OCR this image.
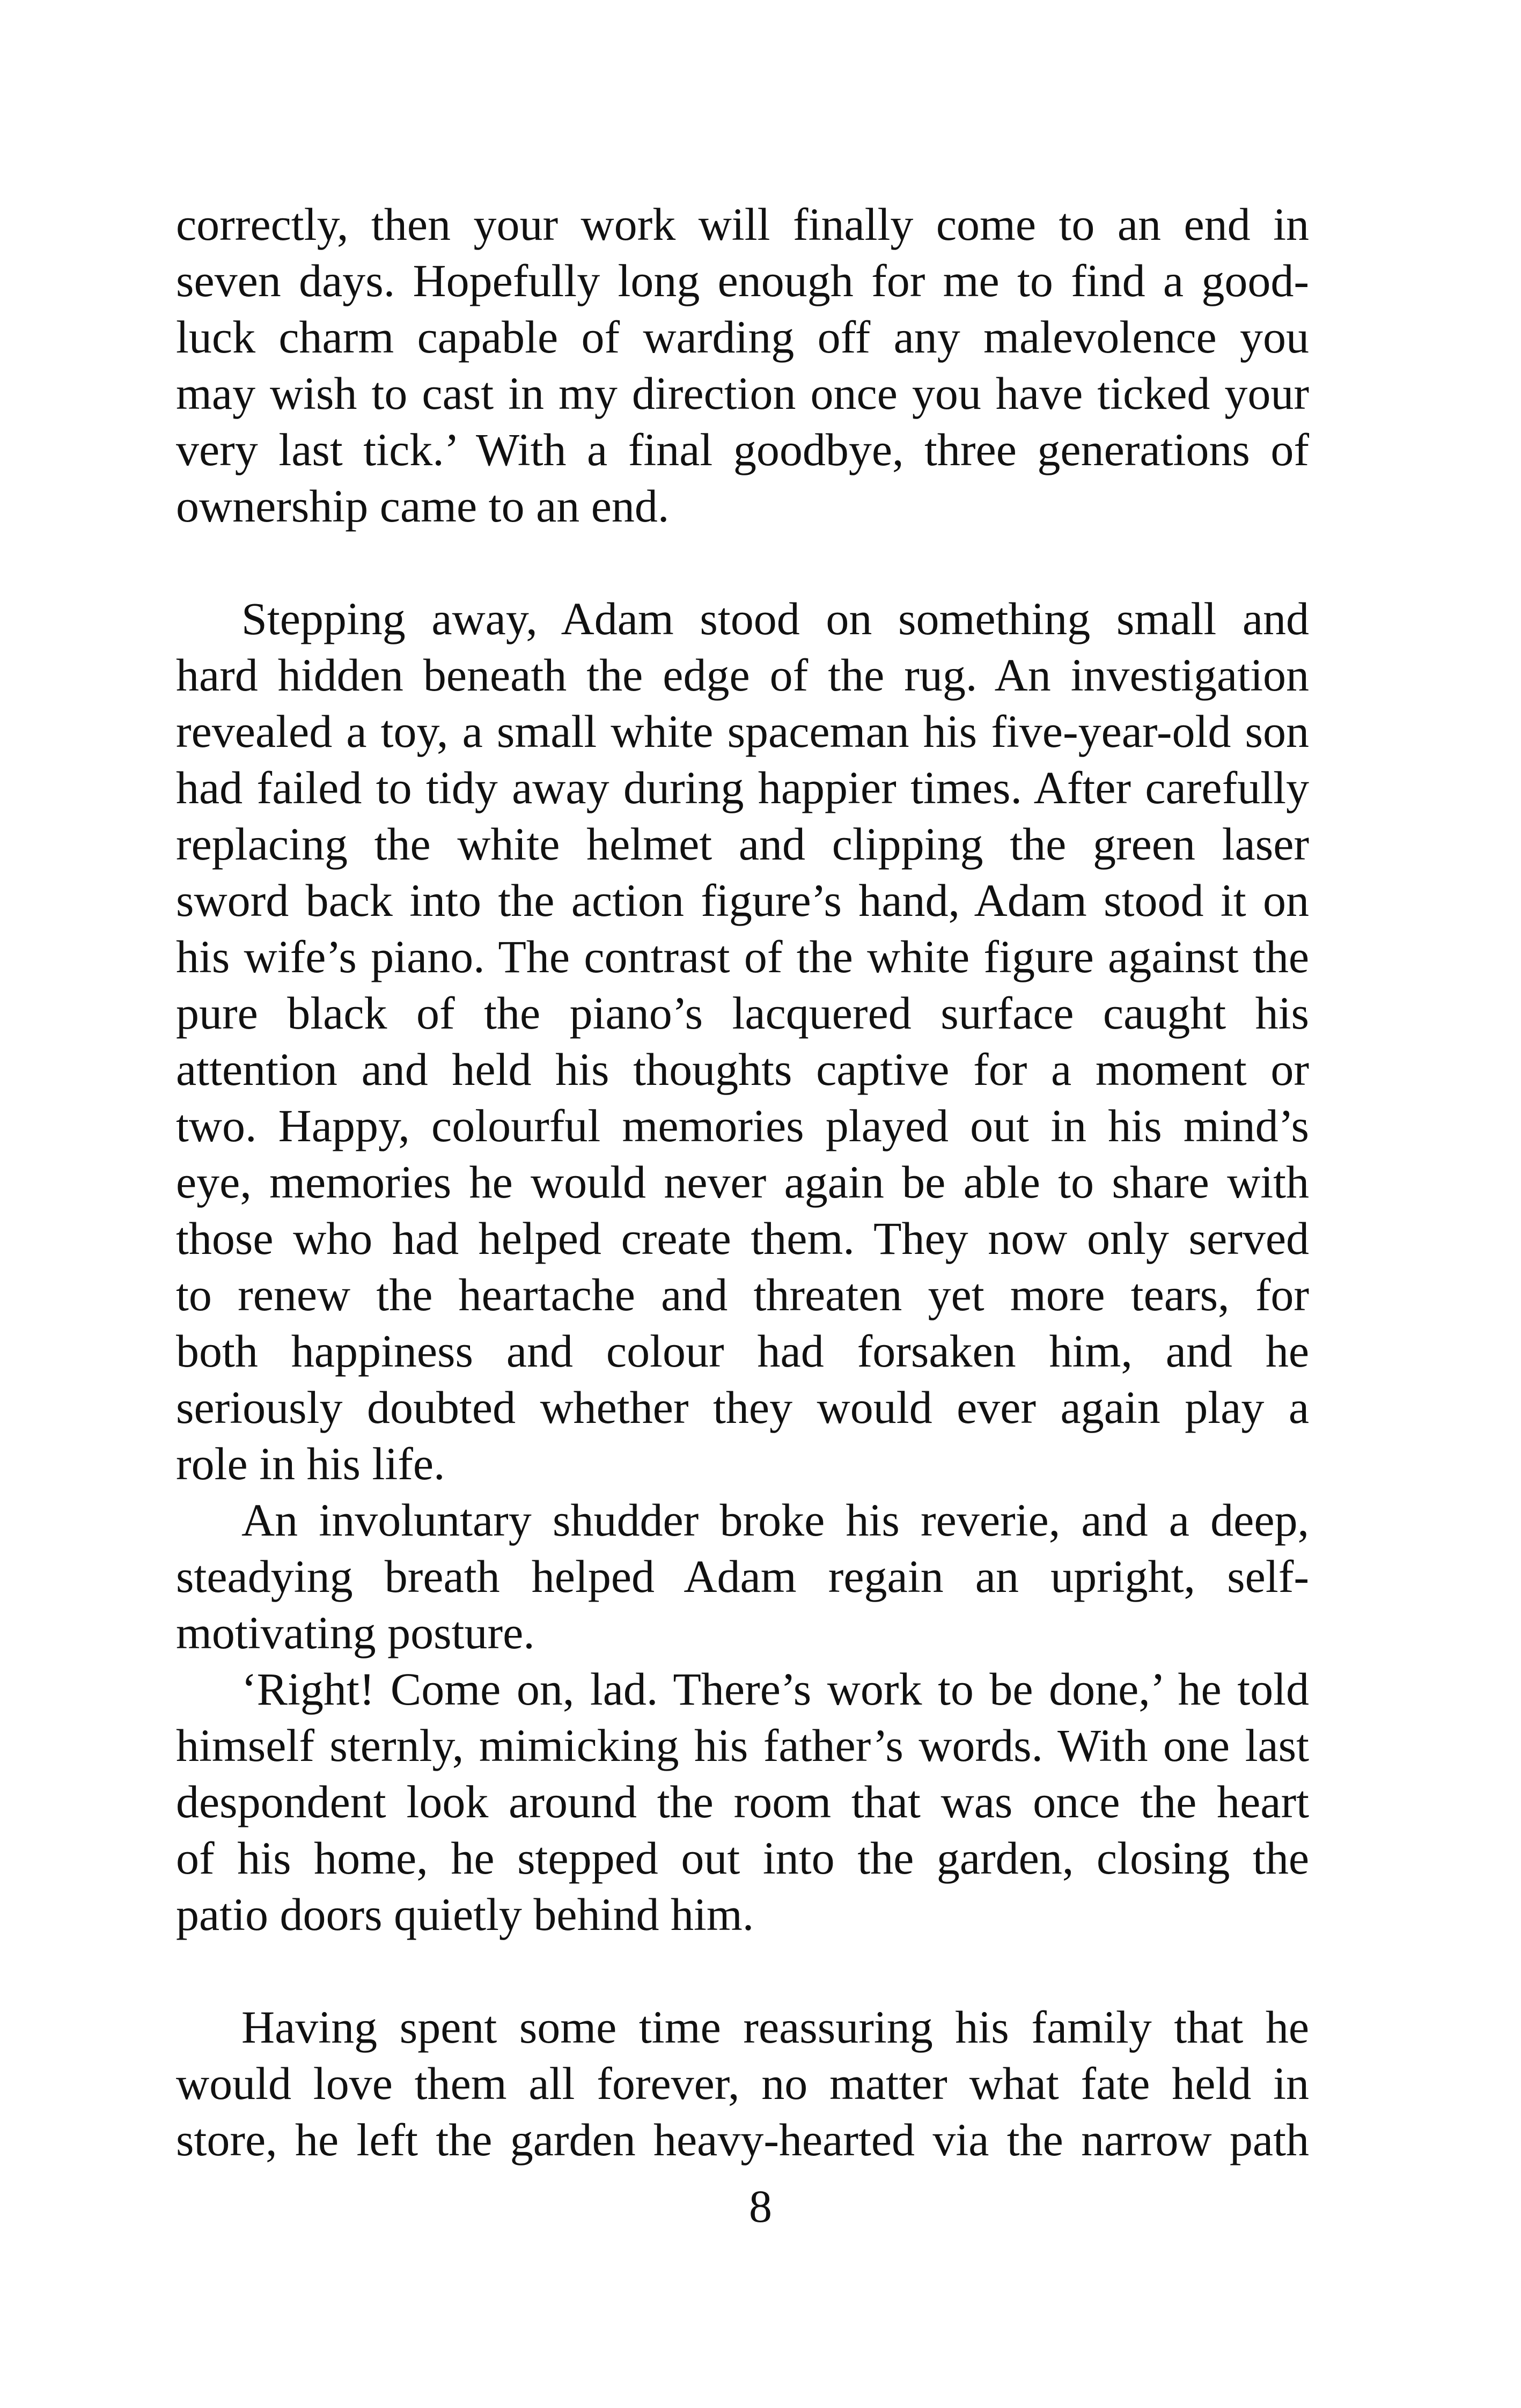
correctly, then your work will finally come to an end in
seven days. Hopefully long enough for me to find a good-
luck charm capable of warding off any malevolence you
may wish to cast in my direction once you have ticked your
very last tick.’ With a final goodbye, three generations of
ownership came to an end.
Stepping away, Adam stood on something small and
hard hidden beneath the edge of the rug. An investigation
revealed a toy, a small white spaceman his five-year-old son
had failed to tidy away during happier times. After carefully
replacing the white helmet and clipping the green laser
sword back into the action figure’s hand, Adam stood it on
his wife’s piano. The contrast of the white figure against the
pure black of the piano’s lacquered surface caught his
attention and held his thoughts captive for a moment or
two. Happy, colourful memories played out in his mind’s
eye, memories he would never again be able to share with
those who had helped create them. They now only served
to renew the heartache and threaten yet more tears, for
both happiness and colour had forsaken him, and he
seriously doubted whether they would ever again play a
role in his life.
An involuntary shudder broke his reverie, and a deep,
steadying breath helped Adam regain an upright, self-
motivating posture.
‘Right! Come on, lad. There’s work to be done,’ he told
himself sternly, mimicking his father’s words. With one last
despondent look around the room that was once the heart
of his home, he stepped out into the garden, closing the
patio doors quietly behind him.
Having spent some time reassuring his family that he
would love them all forever, no matter what fate held in
store, he left the garden heavy-hearted via the narrow path
8
